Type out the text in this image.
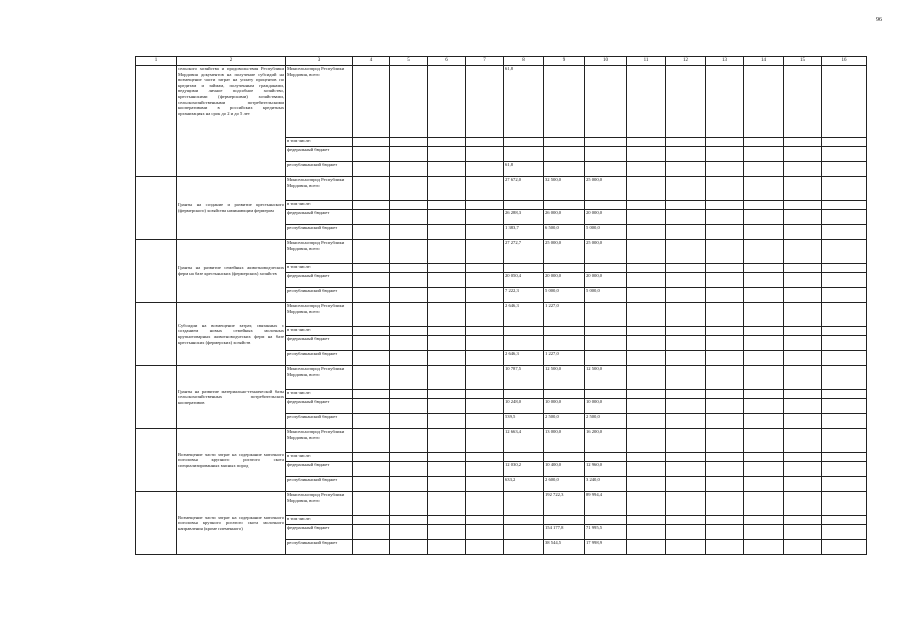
96
1	2	3	4	5	6	7	8	9	10	11	12	13	14	15	16
	сельского хозяйства и продовольствия Республики Мордовия документов на получение субсидий на возмещение части затрат на уплату процентов по кредитам и займам, полученным гражданами, ведущими личное подсобное хозяйство, крестьянскими (фермерскими) хозяйствами, сельскохозяйственными потребительскими кооперативами в российских кредитных организациях на срок до 2 и до 5 лет	Минсельхозпрод Республики Мордовия, всего					61,8								
		в том числе:													
		федеральный бюджет													
		республиканский бюджет					61,8								
	Гранты на создание и развитие крестьянского (фермерского) хозяйства начинающим фермерам	Минсельхозпрод Республики Мордовия, всего					27 672,0	32 500,0	25 000,0						
		в том числе:													
		федеральный бюджет					26 288,3	26 000,0	20 000,0						
		республиканский бюджет					1 383,7	6 500,0	5 000,0						
	Гранты на развитие семейных животноводческих ферм на базе крестьянских (фермерских) хозяйств	Минсельхозпрод Республики Мордовия, всего					27 272,7	25 000,0	25 000,0						
		в том числе:													
		федеральный бюджет					20 050,4	20 000,0	20 000,0						
		республиканский бюджет					7 222,3	5 000,0	5 000,0						
	Субсидии на возмещение затрат, связанных с созданием новых семейных молочных крупнотоварных животноводческих ферм на базе крестьянских (фермерских) хозяйств	Минсельхозпрод Республики Мордовия, всего					2 646,3	1 227,0							
		в том числе:													
		федеральный бюджет													
		республиканский бюджет					2 646,3	1 227,0							
	Гранты на развитие материально-технической базы сельскохозяйственных потребительских кооперативов	Минсельхозпрод Республики Мордовия, всего					10 787,5	12 500,0	12 500,0						
		в том числе:													
		федеральный бюджет					10 248,0	10 000,0	10 000,0						
		республиканский бюджет					539,5	2 500,0	2 500,0						
	Возмещение части затрат на содержание маточного поголовья крупного рогатого скота специализированных мясных пород	Минсельхозпрод Республики Мордовия, всего					12 663,4	13 000,0	16 200,0						
		в том числе:													
		федеральный бюджет					12 030,2	10 400,0	12 960,0						
		республиканский бюджет					633,2	2 600,0	3 240,0						
	Возмещение части затрат на содержание маточного поголовья крупного рогатого скота молочного направления (кроме племенного)	Минсельхозпрод Республики Мордовия, всего						192 722,3	89 994,4						
		в том числе:													
		федеральный бюджет						154 177,8	71 995,5						
		республиканский бюджет						38 544,5	17 998,9						
